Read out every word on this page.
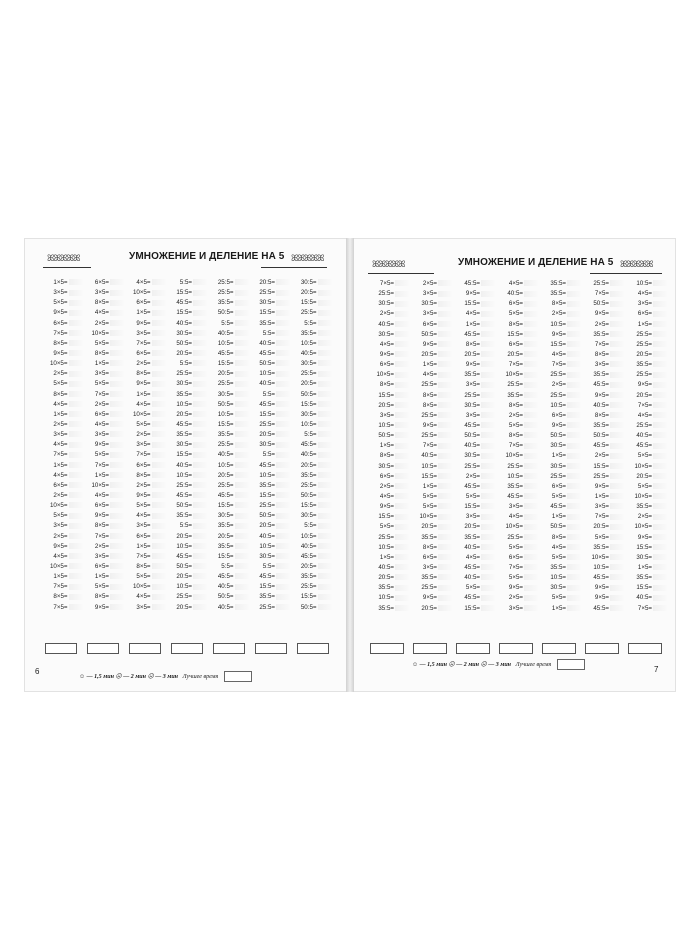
ꕤꕤꕤꕤꕤ	УМНОЖЕНИЕ И ДЕЛЕНИЕ НА 5 ꕤꕤꕤꕤꕤ
1×5=
3×5=
5×5=
9×5=
6×5=
7×5=
8×5=
9×5=
10×5=
2×5=
5×5=
8×5=
4×5=
1×5=
2×5=
3×5=
4×5=
7×5=
1×5=
4×5=
6×5=
2×5=
10×5=
5×5=
3×5=
2×5=
9×5=
4×5=
10×5=
1×5=
7×5=
8×5=
7×5=
6×5=
3×5=
8×5=
4×5=
2×5=
10×5=
5×5=
8×5=
1×5=
3×5=
5×5=
7×5=
2×5=
6×5=
4×5=
3×5=
9×5=
5×5=
7×5=
1×5=
10×5=
4×5=
6×5=
9×5=
8×5=
7×5=
2×5=
3×5=
6×5=
1×5=
5×5=
8×5=
9×5=
4×5=
10×5=
6×5=
1×5=
9×5=
3×5=
7×5=
6×5=
2×5=
8×5=
9×5=
1×5=
4×5=
10×5=
5×5=
2×5=
3×5=
7×5=
6×5=
8×5=
2×5=
9×5=
5×5=
4×5=
3×5=
6×5=
1×5=
7×5=
8×5=
5×5=
10×5=
4×5=
3×5=
5:5=
15:5=
45:5=
15:5=
40:5=
30:5=
50:5=
20:5=
5:5=
25:5=
30:5=
35:5=
10:5=
20:5=
45:5=
35:5=
30:5=
15:5=
40:5=
10:5=
25:5=
45:5=
50:5=
35:5=
5:5=
20:5=
10:5=
45:5=
50:5=
20:5=
10:5=
25:5=
20:5=
25:5=
25:5=
35:5=
50:5=
5:5=
40:5=
10:5=
45:5=
15:5=
20:5=
25:5=
30:5=
50:5=
10:5=
15:5=
35:5=
25:5=
40:5=
10:5=
20:5=
25:5=
45:5=
15:5=
30:5=
35:5=
20:5=
35:5=
15:5=
5:5=
45:5=
40:5=
50:5=
40:5=
20:5=
25:5=
30:5=
15:5=
35:5=
5:5=
40:5=
45:5=
50:5=
10:5=
40:5=
5:5=
45:5=
15:5=
25:5=
20:5=
30:5=
5:5=
45:5=
10:5=
35:5=
15:5=
25:5=
50:5=
20:5=
40:5=
10:5=
30:5=
5:5=
45:5=
15:5=
35:5=
25:5=
30:5=
20:5=
15:5=
25:5=
5:5=
35:5=
10:5=
40:5=
30:5=
25:5=
20:5=
50:5=
15:5=
30:5=
10:5=
5:5=
45:5=
40:5=
20:5=
35:5=
25:5=
50:5=
15:5=
30:5=
5:5=
10:5=
40:5=
45:5=
20:5=
35:5=
25:5=
15:5=
50:5=
6
☺ — 1,5 мин ☹ — 2 мин ☹ — 3 мин Лучшее время
ꕤꕤꕤꕤꕤ	УМНОЖЕНИЕ И ДЕЛЕНИЕ НА 5 ꕤꕤꕤꕤꕤ
7×5=
25:5=
30:5=
2×5=
40:5=
30:5=
4×5=
9×5=
6×5=
10×5=
8×5=
15:5=
20:5=
3×5=
10:5=
50:5=
1×5=
8×5=
30:5=
6×5=
2×5=
4×5=
9×5=
15:5=
5×5=
25:5=
10:5=
1×5=
40:5=
20:5=
35:5=
10:5=
35:5=
2×5=
3×5=
30:5=
3×5=
6×5=
50:5=
9×5=
20:5=
1×5=
4×5=
25:5=
8×5=
8×5=
25:5=
9×5=
25:5=
7×5=
40:5=
10:5=
15:5=
1×5=
5×5=
5×5=
10×5=
20:5=
35:5=
8×5=
6×5=
3×5=
35:5=
25:5=
9×5=
20:5=
45:5=
9×5=
15:5=
4×5=
1×5=
45:5=
8×5=
20:5=
9×5=
35:5=
3×5=
25:5=
30:5=
3×5=
45:5=
50:5=
40:5=
30:5=
25:5=
2×5=
45:5=
5×5=
15:5=
3×5=
20:5=
35:5=
40:5=
4×5=
45:5=
40:5=
5×5=
45:5=
15:5=
4×5=
40:5=
6×5=
5×5=
8×5=
15:5=
6×5=
20:5=
7×5=
10×5=
25:5=
35:5=
8×5=
2×5=
5×5=
8×5=
7×5=
10×5=
25:5=
10:5=
35:5=
45:5=
3×5=
4×5=
10×5=
25:5=
5×5=
6×5=
7×5=
5×5=
9×5=
2×5=
3×5=
35:5=
35:5=
8×5=
2×5=
10:5=
9×5=
15:5=
4×5=
7×5=
25:5=
2×5=
25:5=
10:5=
6×5=
9×5=
50:5=
30:5=
1×5=
30:5=
25:5=
6×5=
5×5=
45:5=
1×5=
50:5=
8×5=
4×5=
5×5=
35:5=
10:5=
30:5=
5×5=
1×5=
25:5=
7×5=
50:5=
9×5=
2×5=
35:5=
7×5=
8×5=
3×5=
35:5=
45:5=
9×5=
40:5=
8×5=
35:5=
50:5=
45:5=
2×5=
15:5=
25:5=
9×5=
1×5=
3×5=
7×5=
20:5=
5×5=
35:5=
10×5=
10:5=
45:5=
9×5=
9×5=
45:5=
10:5=
4×5=
3×5=
6×5=
1×5=
25:5=
25:5=
20:5=
35:5=
25:5=
9×5=
20:5=
7×5=
4×5=
25:5=
40:5=
45:5=
5×5=
10×5=
20:5=
5×5=
10×5=
35:5=
2×5=
10×5=
9×5=
15:5=
30:5=
1×5=
35:5=
15:5=
40:5=
7×5=
☺ — 1,5 мин ☹ — 2 мин ☹ — 3 мин Лучшее время
7
